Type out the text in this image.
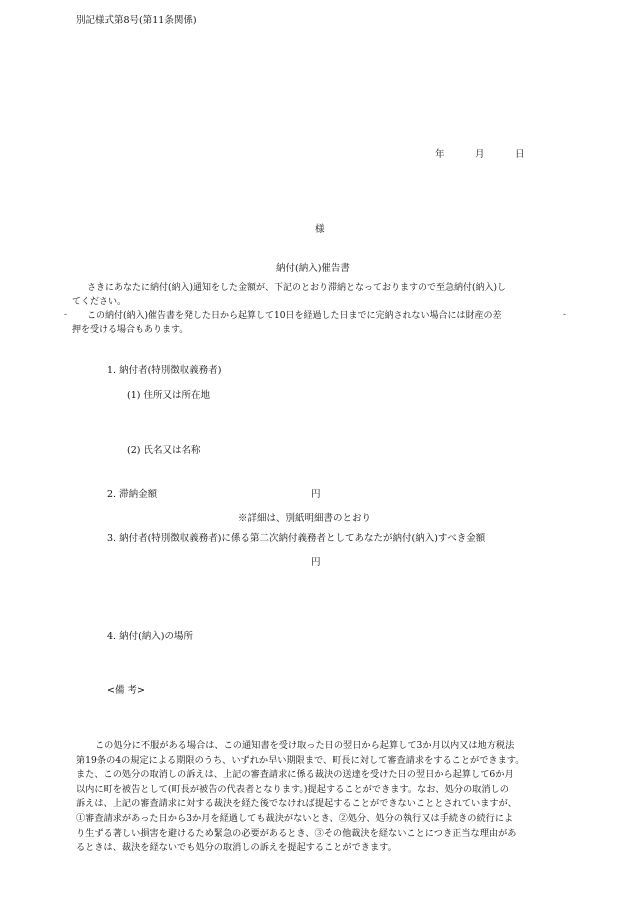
別記様式第8号(第11条関係)
年	月	日
様
納付(納入)催告書
さきにあなたに納付(納入)通知をした金額が、下記のとおり滞納となっておりますので至急納付(納入)し
てください。
- この納付(納入)催告書を発した日から起算して10日を経過した日までに完納されない場合には財産の差	-
押を受ける場合もあります。
1. 納付者(特別徴収義務者)
(1) 住所又は所在地
(2) 氏名又は名称
2. 滞納金額	円
※詳細は、別紙明細書のとおり
3. 納付者(特別徴収義務者)に係る第二次納付義務者としてあなたが納付(納入)すべき金額
円
4. 納付(納入)の場所
<備 考>
この処分に不服がある場合は、この通知書を受け取った日の翌日から起算して3か月以内又は地方税法
第19条の4の規定による期限のうち、いずれか早い期限まで、町長に対して審査請求をすることができます。
また、この処分の取消しの訴えは、上記の審査請求に係る裁決の送達を受けた日の翌日から起算して6か月
以内に町を被告として(町長が被告の代表者となります。)提起することができます。なお、処分の取消しの
訴えは、上記の審査請求に対する裁決を経た後でなければ提起することができないこととされていますが、
①審査請求があった日から3か月を経過しても裁決がないとき、②処分、処分の執行又は手続きの続行によ
り生ずる著しい損害を避けるため緊急の必要があるとき、③その他裁決を経ないことにつき正当な理由があ
るときは、裁決を経ないでも処分の取消しの訴えを提起することができます。
